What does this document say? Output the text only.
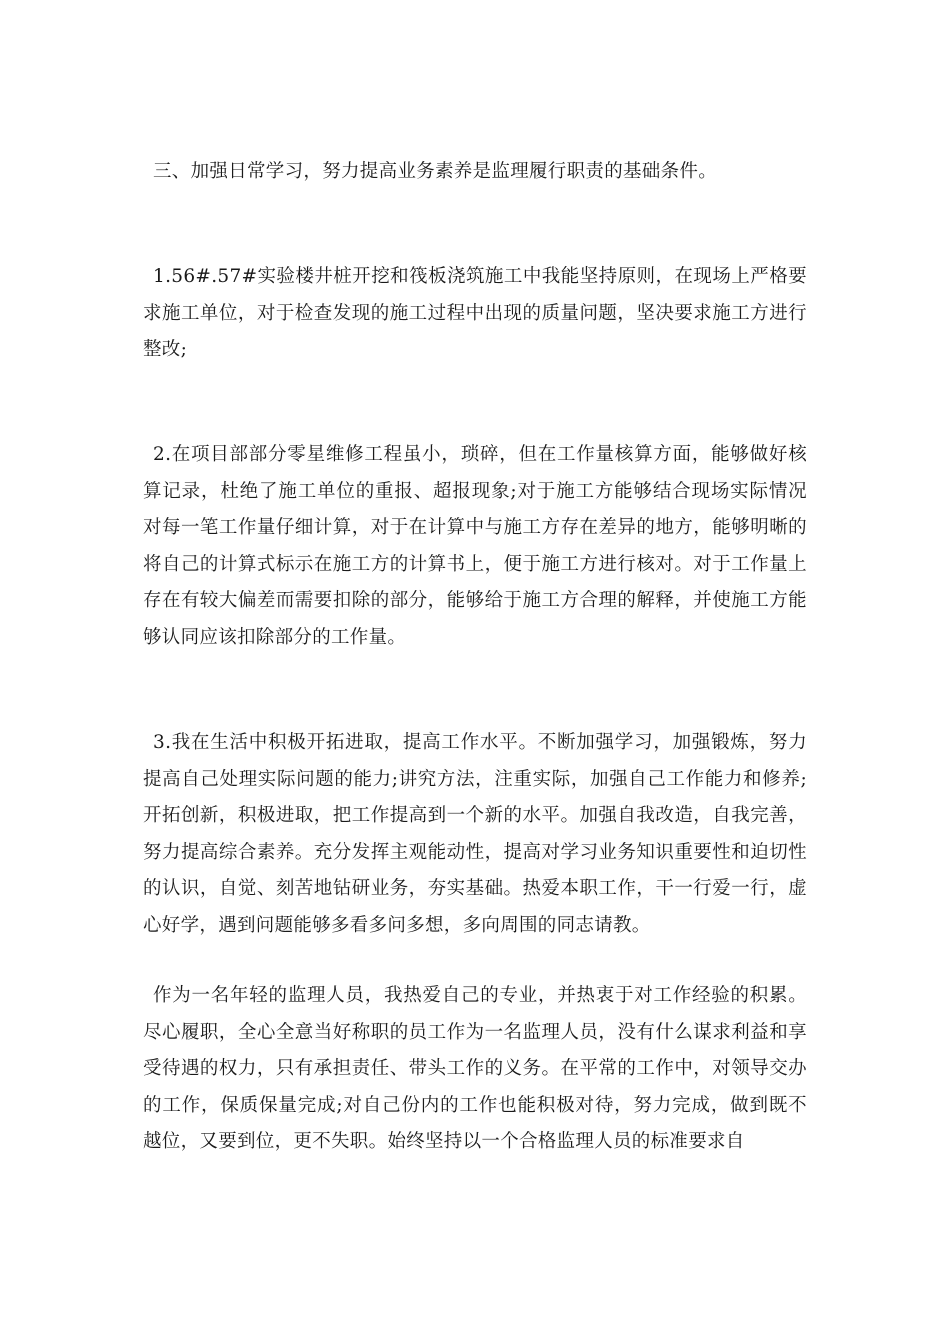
三、加强日常学习，努力提高业务素养是监理履行职责的基础条件。

1.56#.57#实验楼井桩开挖和筏板浇筑施工中我能坚持原则，在现场上严格要求施工单位，对于检查发现的施工过程中出现的质量问题，坚决要求施工方进行整改;

2.在项目部部分零星维修工程虽小，琐碎，但在工作量核算方面，能够做好核算记录，杜绝了施工单位的重报、超报现象;对于施工方能够结合现场实际情况对每一笔工作量仔细计算，对于在计算中与施工方存在差异的地方，能够明晰的将自己的计算式标示在施工方的计算书上，便于施工方进行核对。对于工作量上存在有较大偏差而需要扣除的部分，能够给于施工方合理的解释，并使施工方能够认同应该扣除部分的工作量。

3.我在生活中积极开拓进取，提高工作水平。不断加强学习，加强锻炼，努力提高自己处理实际问题的能力;讲究方法，注重实际，加强自己工作能力和修养;开拓创新，积极进取，把工作提高到一个新的水平。加强自我改造，自我完善，努力提高综合素养。充分发挥主观能动性，提高对学习业务知识重要性和迫切性的认识，自觉、刻苦地钻研业务，夯实基础。热爱本职工作，干一行爱一行，虚心好学，遇到问题能够多看多问多想，多向周围的同志请教。

作为一名年轻的监理人员，我热爱自己的专业，并热衷于对工作经验的积累。尽心履职，全心全意当好称职的员工作为一名监理人员，没有什么谋求利益和享受待遇的权力，只有承担责任、带头工作的义务。在平常的工作中，对领导交办的工作，保质保量完成;对自己份内的工作也能积极对待，努力完成，做到既不越位，又要到位，更不失职。始终坚持以一个合格监理人员的标准要求自
